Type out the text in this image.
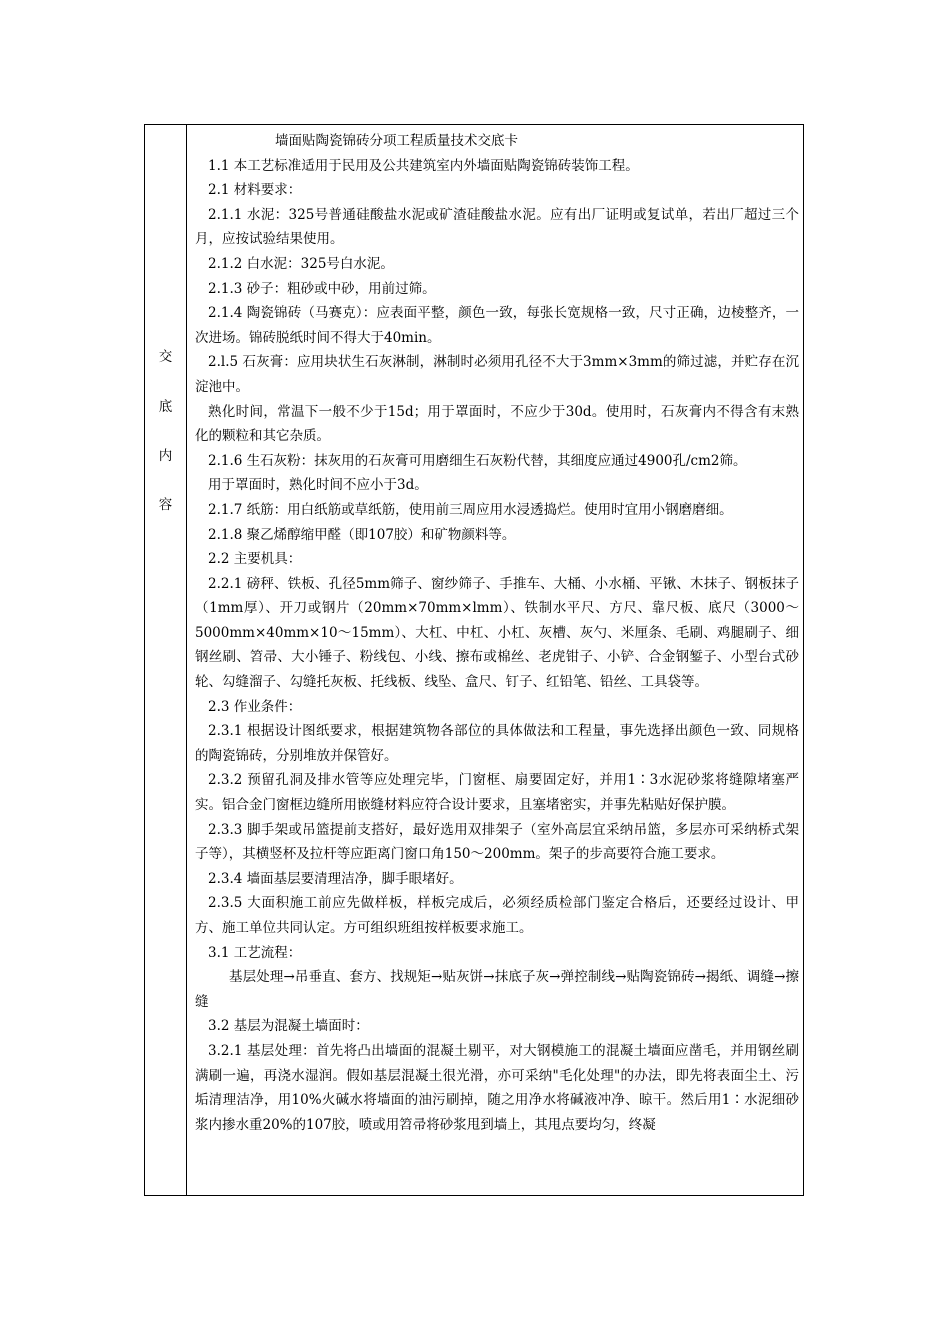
交
底
内
容

墙面贴陶瓷锦砖分项工程质量技术交底卡

1.1 本工艺标准适用于民用及公共建筑室内外墙面贴陶瓷锦砖装饰工程。

2.1 材料要求：

2.1.1 水泥：325号普通硅酸盐水泥或矿渣硅酸盐水泥。应有出厂证明或复试单，若出厂超过三个月，应按试验结果使用。

2.1.2 白水泥：325号白水泥。

2.1.3 砂子：粗砂或中砂，用前过筛。

2.1.4 陶瓷锦砖（马赛克）：应表面平整，颜色一致，每张长宽规格一致，尺寸正确，边棱整齐，一次进场。锦砖脱纸时间不得大于40min。

2.l.5 石灰膏：应用块状生石灰淋制，淋制时必须用孔径不大于3mm×3mm的筛过滤，并贮存在沉淀池中。

熟化时间，常温下一般不少于15d；用于罩面时，不应少于30d。使用时，石灰膏内不得含有末熟化的颗粒和其它杂质。

2.1.6 生石灰粉：抹灰用的石灰膏可用磨细生石灰粉代替，其细度应通过4900孔/cm2筛。

用于罩面时，熟化时间不应小于3d。

2.1.7 纸筋：用白纸筋或草纸筋，使用前三周应用水浸透捣烂。使用时宜用小钢磨磨细。

2.1.8 聚乙烯醇缩甲醛（即107胶）和矿物颜料等。

2.2 主要机具：

2.2.1 磅秤、铁板、孔径5mm筛子、窗纱筛子、手推车、大桶、小水桶、平锹、木抹子、钢板抹子（1mm厚）、开刀或钢片（20mm×70mm×lmm）、铁制水平尺、方尺、靠尺板、底尺（3000～5000mm×40mm×10～15mm）、大杠、中杠、小杠、灰槽、灰勺、米厘条、毛刷、鸡腿刷子、细钢丝刷、笤帚、大小锤子、粉线包、小线、擦布或棉丝、老虎钳子、小铲、合金钢錾子、小型台式砂轮、勾缝溜子、勾缝托灰板、托线板、线坠、盒尺、钉子、红铅笔、铅丝、工具袋等。

2.3 作业条件：

2.3.1 根据设计图纸要求，根据建筑物各部位的具体做法和工程量，事先选择出颜色一致、同规格的陶瓷锦砖，分别堆放并保管好。

2.3.2 预留孔洞及排水管等应处理完毕，门窗框、扇要固定好，并用1∶3水泥砂浆将缝隙堵塞严实。铝合金门窗框边缝所用嵌缝材料应符合设计要求，且塞堵密实，并事先粘贴好保护膜。

2.3.3 脚手架或吊篮提前支搭好，最好选用双排架子（室外高层宜采纳吊篮，多层亦可采纳桥式架子等），其横竖杯及拉杆等应距离门窗口角150～200mm。架子的步高要符合施工要求。

2.3.4 墙面基层要清理洁净，脚手眼堵好。

2.3.5 大面积施工前应先做样板，样板完成后，必须经质检部门鉴定合格后，还要经过设计、甲方、施工单位共同认定。方可组织班组按样板要求施工。

3.1 工艺流程：

基层处理→吊垂直、套方、找规矩→贴灰饼→抹底子灰→弹控制线→贴陶瓷锦砖→揭纸、调缝→擦缝

3.2 基层为混凝土墙面时：

3.2.1 基层处理：首先将凸出墙面的混凝土剔平，对大钢模施工的混凝土墙面应凿毛，并用钢丝刷满刷一遍，再浇水湿润。假如基层混凝土很光滑，亦可采纳"毛化处理"的办法，即先将表面尘土、污垢清理洁净，用10%火碱水将墙面的油污刷掉，随之用净水将碱液冲净、晾干。然后用1∶水泥细砂浆内掺水重20%的107胶，喷或用笤帚将砂浆甩到墙上，其甩点要均匀，终凝
